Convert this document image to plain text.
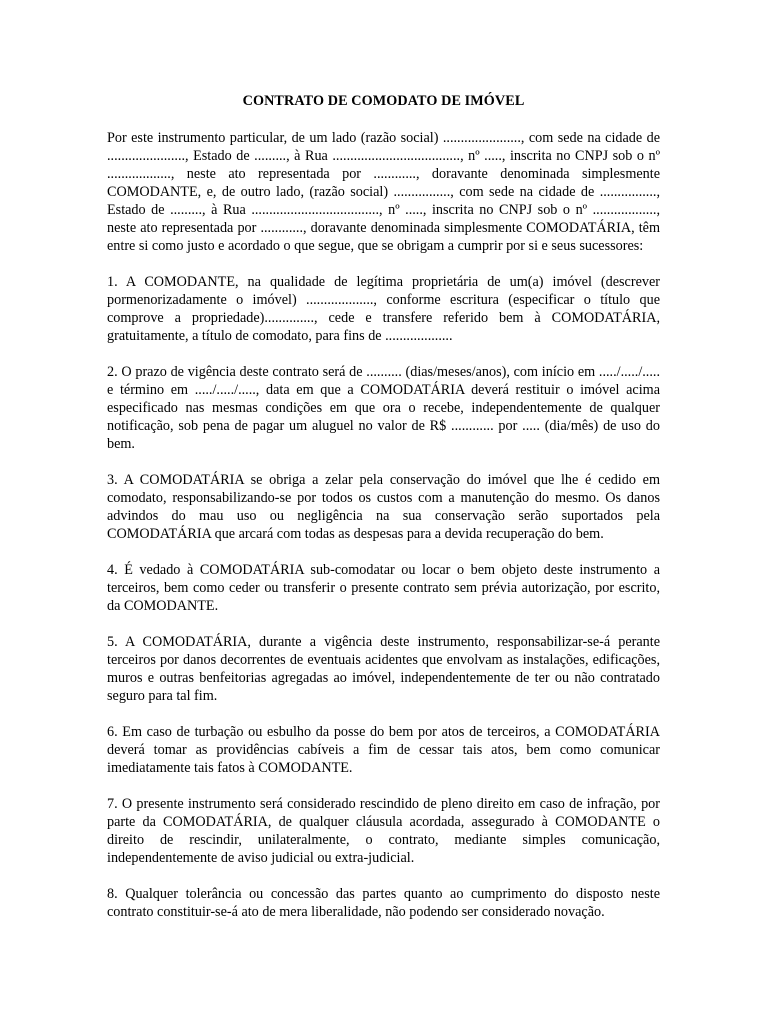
CONTRATO DE COMODATO DE IMÓVEL

Por este instrumento particular, de um lado (razão social) ......................, com sede na cidade de ......................, Estado de ........., à Rua ...................................., nº ....., inscrita no CNPJ sob o nº .................., neste ato representada por ............, doravante denominada simplesmente COMODANTE, e, de outro lado, (razão social) ................, com sede na cidade de ................, Estado de ........., à Rua ...................................., nº ....., inscrita no CNPJ sob o nº .................., neste ato representada por ............, doravante denominada simplesmente COMODATÁRIA, têm entre si como justo e acordado o que segue, que se obrigam a cumprir por si e seus sucessores:

1. A COMODANTE, na qualidade de legítima proprietária de um(a) imóvel (descrever pormenorizadamente o imóvel) ..................., conforme escritura (especificar o título que comprove a propriedade).............., cede e transfere referido bem à COMODATÁRIA, gratuitamente, a título de comodato, para fins de ...................

2. O prazo de vigência deste contrato será de .......... (dias/meses/anos), com início em ...../...../..... e término em ...../...../....., data em que a COMODATÁRIA deverá restituir o imóvel acima especificado nas mesmas condições em que ora o recebe, independentemente de qualquer notificação, sob pena de pagar um aluguel no valor de R$ ............ por ..... (dia/mês) de uso do bem.

3. A COMODATÁRIA se obriga a zelar pela conservação do imóvel que lhe é cedido em comodato, responsabilizando-se por todos os custos com a manutenção do mesmo. Os danos advindos do mau uso ou negligência na sua conservação serão suportados pela COMODATÁRIA que arcará com todas as despesas para a devida recuperação do bem.

4. É vedado à COMODATÁRIA sub-comodatar ou locar o bem objeto deste instrumento a terceiros, bem como ceder ou transferir o presente contrato sem prévia autorização, por escrito, da COMODANTE.

5. A COMODATÁRIA, durante a vigência deste instrumento, responsabilizar-se-á perante terceiros por danos decorrentes de eventuais acidentes que envolvam as instalações, edificações, muros e outras benfeitorias agregadas ao imóvel, independentemente de ter ou não contratado seguro para tal fim.

6. Em caso de turbação ou esbulho da posse do bem por atos de terceiros, a COMODATÁRIA deverá tomar as providências cabíveis a fim de cessar tais atos, bem como comunicar imediatamente tais fatos à COMODANTE.

7. O presente instrumento será considerado rescindido de pleno direito em caso de infração, por parte da COMODATÁRIA, de qualquer cláusula acordada, assegurado à COMODANTE o direito de rescindir, unilateralmente, o contrato, mediante simples comunicação, independentemente de aviso judicial ou extra-judicial.

8. Qualquer tolerância ou concessão das partes quanto ao cumprimento do disposto neste contrato constituir-se-á ato de mera liberalidade, não podendo ser considerado novação.
